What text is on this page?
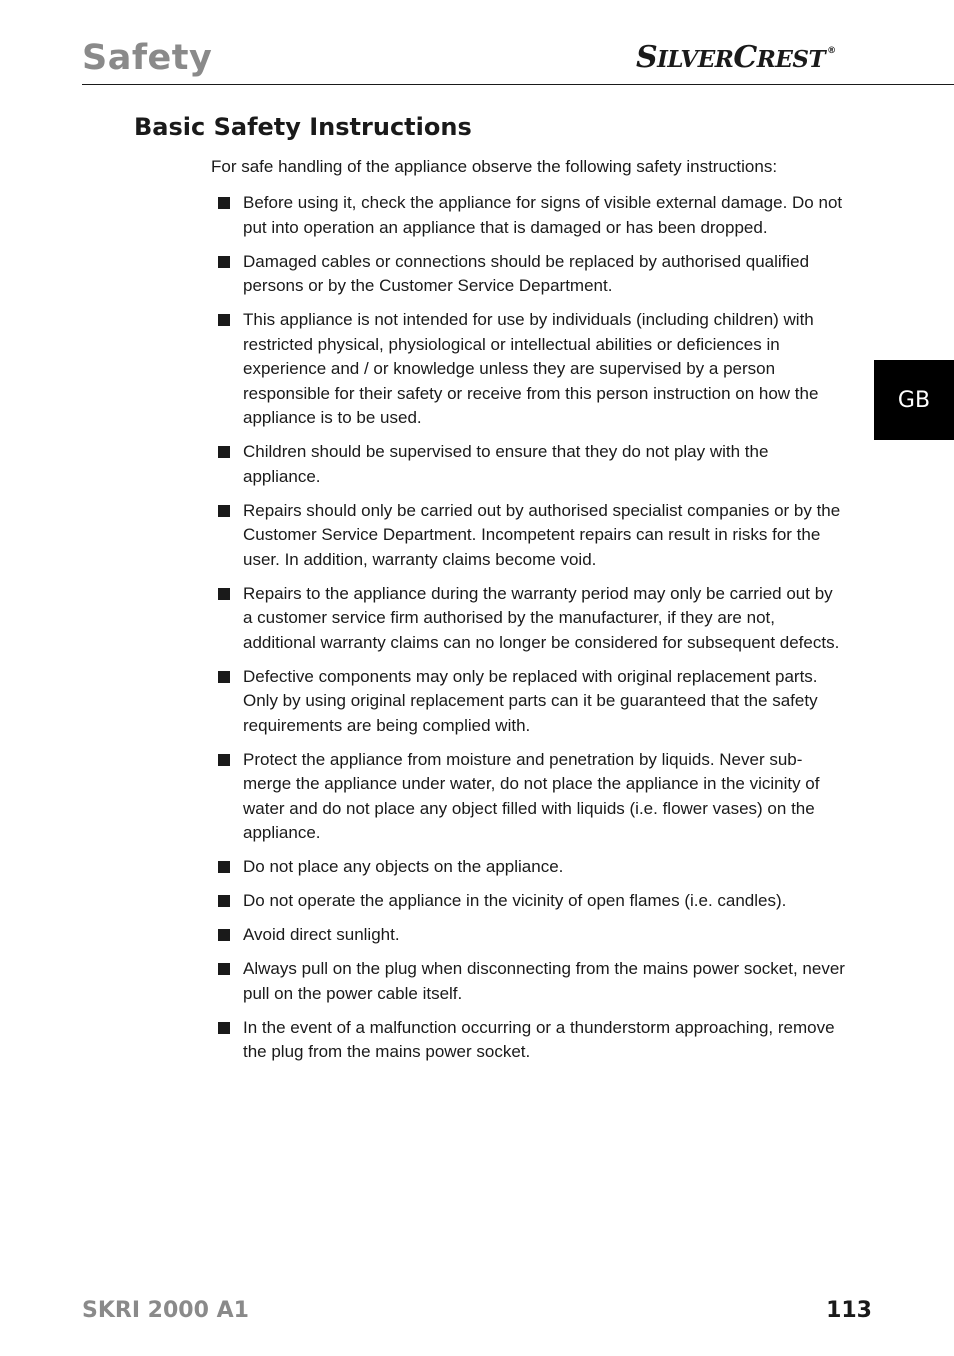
Safety	SILVERCREST ®
Basic Safety Instructions

For safe handling of the appliance observe the following safety instructions:

Before using it, check the appliance for signs of visible external damage. Do not put into operation an appliance that is damaged or has been dropped.
Damaged cables or connections should be replaced by authorised qualified persons or by the Customer Service Department.
This appliance is not intended for use by individuals (including children) with restricted physical, physiological or intellectual abilities or deficiences in experience and / or knowledge unless they are supervised by a person responsible for their safety or receive from this person instruction on how the appliance is to be used.
Children should be supervised to ensure that they do not play with the appliance.
Repairs should only be carried out by authorised specialist companies or by the Customer Service Department. Incompetent repairs can result in risks for the user. In addition, warranty claims become void.
Repairs to the appliance during the warranty period may only be carried out by a customer service firm authorised by the manufacturer, if they are not, additional warranty claims can no longer be considered for subsequent defects.
Defective components may only be replaced with original replacement parts. Only by using original replacement parts can it be guaranteed that the safety requirements are being complied with.
Protect the appliance from moisture and penetration by liquids. Never sub-merge the appliance under water, do not place the appliance in the vicinity of water and do not place any object filled with liquids (i.e. flower vases) on the appliance.
Do not place any objects on the appliance.
Do not operate the appliance in the vicinity of open flames (i.e. candles).
Avoid direct sunlight.
Always pull on the plug when disconnecting from the mains power socket, never pull on the power cable itself.
In the event of a malfunction occurring or a thunderstorm approaching, remove the plug from the mains power socket.
GB
SKRI 2000 A1	113
